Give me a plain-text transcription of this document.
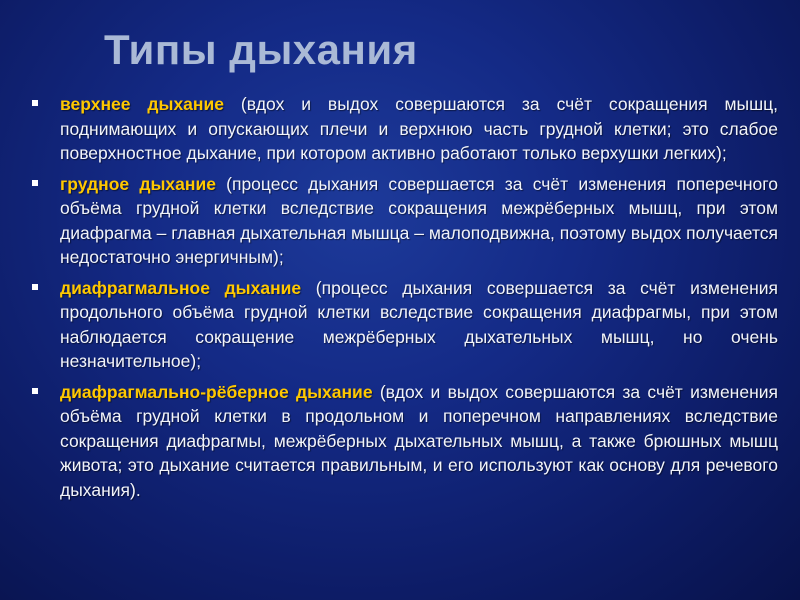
Типы дыхания
верхнее дыхание (вдох и выдох совершаются за счёт сокращения мышц, поднимающих и опускающих плечи и верхнюю часть грудной клетки; это слабое поверхностное дыхание, при котором активно работают только верхушки легких);
грудное дыхание (процесс дыхания совершается за счёт изменения поперечного объёма грудной клетки вследствие сокращения межрёберных мышц, при этом диафрагма – главная дыхательная мышца – малоподвижна, поэтому выдох получается недостаточно энергичным);
диафрагмальное дыхание (процесс дыхания совершается за счёт изменения продольного объёма грудной клетки вследствие сокращения диафрагмы, при этом наблюдается сокращение межрёберных дыхательных мышц, но очень незначительное);
диафрагмально-рёберное дыхание (вдох и выдох совершаются за счёт изменения объёма грудной клетки в продольном и поперечном направлениях вследствие сокращения диафрагмы, межрёберных дыхательных мышц, а также брюшных мышц живота; это дыхание считается правильным, и его используют как основу для речевого дыхания).
